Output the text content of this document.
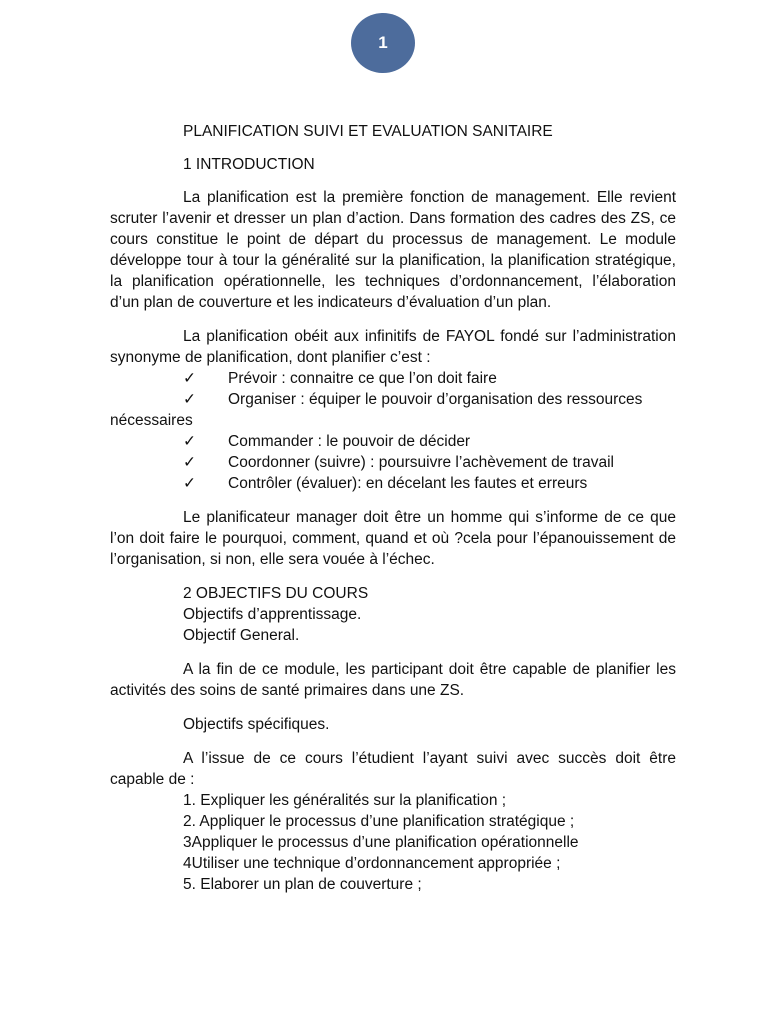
1

PLANIFICATION SUIVI ET EVALUATION SANITAIRE

1 INTRODUCTION

La planification est la première fonction de management. Elle revient scruter l’avenir et dresser un plan d’action. Dans formation des cadres des ZS, ce cours constitue le point de départ du processus de management. Le module développe tour à tour la généralité sur la planification, la planification stratégique, la planification opérationnelle, les techniques d’ordonnancement, l’élaboration d’un plan de couverture et les indicateurs d’évaluation d’un plan.

La planification obéit aux infinitifs de FAYOL fondé sur l’administration synonyme de planification, dont planifier c’est :

✓	Prévoir : connaitre ce que l’on doit faire
✓	Organiser : équiper le pouvoir d’organisation des ressources nécessaires
✓	Commander : le pouvoir de décider
✓	Coordonner (suivre) : poursuivre l’achèvement de travail
✓	Contrôler (évaluer): en décelant les fautes et erreurs

Le planificateur manager doit être un homme qui s’informe de ce que l’on doit faire le pourquoi, comment, quand et où ?cela pour l’épanouissement de l’organisation, si non, elle sera vouée à l’échec.

2 OBJECTIFS DU COURS

Objectifs d’apprentissage.

Objectif General.

A la fin de ce module, les participant doit être capable de planifier les activités des soins de santé primaires dans une ZS.

Objectifs spécifiques.

A l’issue de ce cours l’étudient l’ayant suivi avec succès doit être capable de :

1. Expliquer les généralités sur la planification ;
2. Appliquer le processus d’une planification stratégique ;
3Appliquer le processus d’une planification opérationnelle
4Utiliser une technique d’ordonnancement appropriée ;
5. Elaborer un plan de couverture ;
